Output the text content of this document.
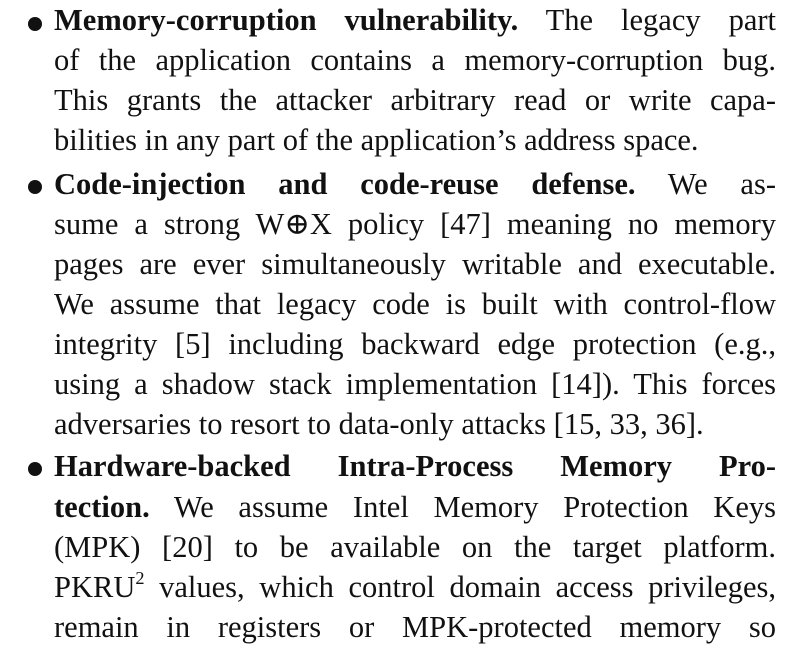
Memory-corruption vulnerability. The legacy part
of the application contains a memory-corruption bug.
This grants the attacker arbitrary read or write capa-
bilities in any part of the application’s address space.
Code-injection and code-reuse defense. We as-
sume a strong W⊕X policy [47] meaning no memory
pages are ever simultaneously writable and executable.
We assume that legacy code is built with control-flow
integrity [5] including backward edge protection (e.g.,
using a shadow stack implementation [14]). This forces
adversaries to resort to data-only attacks [15, 33, 36].
Hardware-backed Intra-Process Memory Pro-
tection. We assume Intel Memory Protection Keys
(MPK) [20] to be available on the target platform.
PKRU$^2$ values, which control domain access privileges,
remain in registers or MPK-protected memory so
